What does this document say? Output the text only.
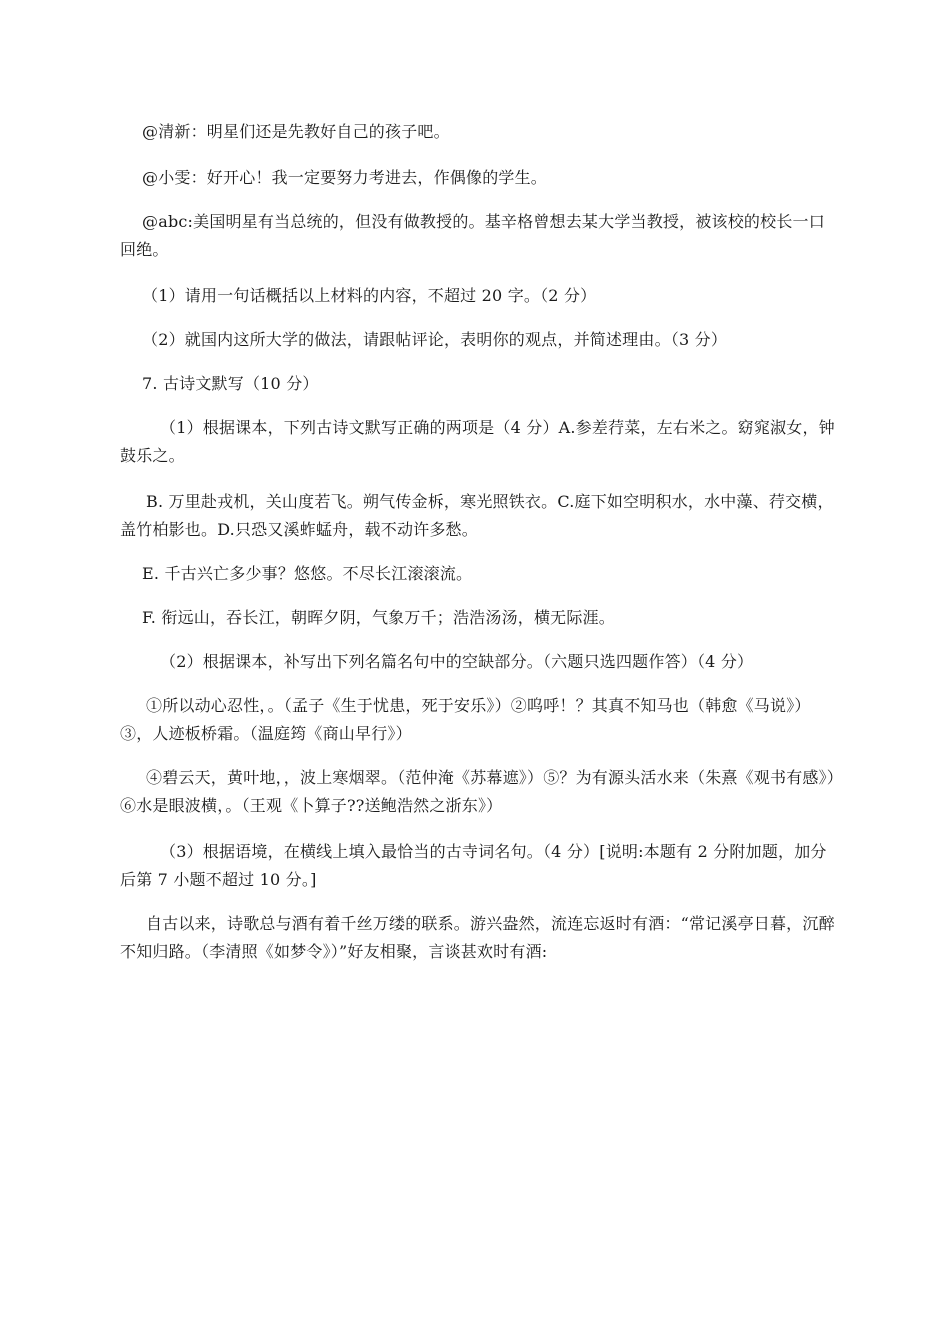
@清新：明星们还是先教好自己的孩子吧。

@小雯：好开心！我一定要努力考进去，作偶像的学生。

@abc:美国明星有当总统的，但没有做教授的。基辛格曾想去某大学当教授，被该校的校长一口回绝。

（1）请用一句话概括以上材料的内容，不超过 20 字。（2 分）

（2）就国内这所大学的做法，请跟帖评论，表明你的观点，并简述理由。（3 分）

7. 古诗文默写（10 分）

（1）根据课本，下列古诗文默写正确的两项是（4 分）A.参差荇菜，左右米之。窈窕淑女，钟鼓乐之。

B. 万里赴戎机，关山度若飞。朔气传金柝，寒光照铁衣。C.庭下如空明积水，水中藻、荇交横，盖竹柏影也。D.只恐又溪蚱蜢舟，载不动许多愁。

E. 千古兴亡多少事？悠悠。不尽长江滚滚流。

F. 衔远山，吞长江，朝晖夕阴，气象万千；浩浩汤汤，横无际涯。

（2）根据课本，补写出下列名篇名句中的空缺部分。（六题只选四题作答）（4 分）

①所以动心忍性，。（孟子《生于忧患，死于安乐》）②呜呼！？其真不知马也（韩愈《马说》）③，人迹板桥霜。（温庭筠《商山早行》）

④碧云天，黄叶地，，波上寒烟翠。（范仲淹《苏幕遮》）⑤？为有源头活水来（朱熹《观书有感》）⑥水是眼波横，。（王观《卜算子??送鲍浩然之浙东》）

（3）根据语境，在横线上填入最恰当的古寺词名句。（4 分）[说明:本题有 2 分附加题，加分后第 7 小题不超过 10 分。]

自古以来，诗歌总与酒有着千丝万缕的联系。游兴盎然，流连忘返时有酒：“常记溪亭日暮，沉醉不知归路。（李清照《如梦令》）”好友相聚，言谈甚欢时有酒:
